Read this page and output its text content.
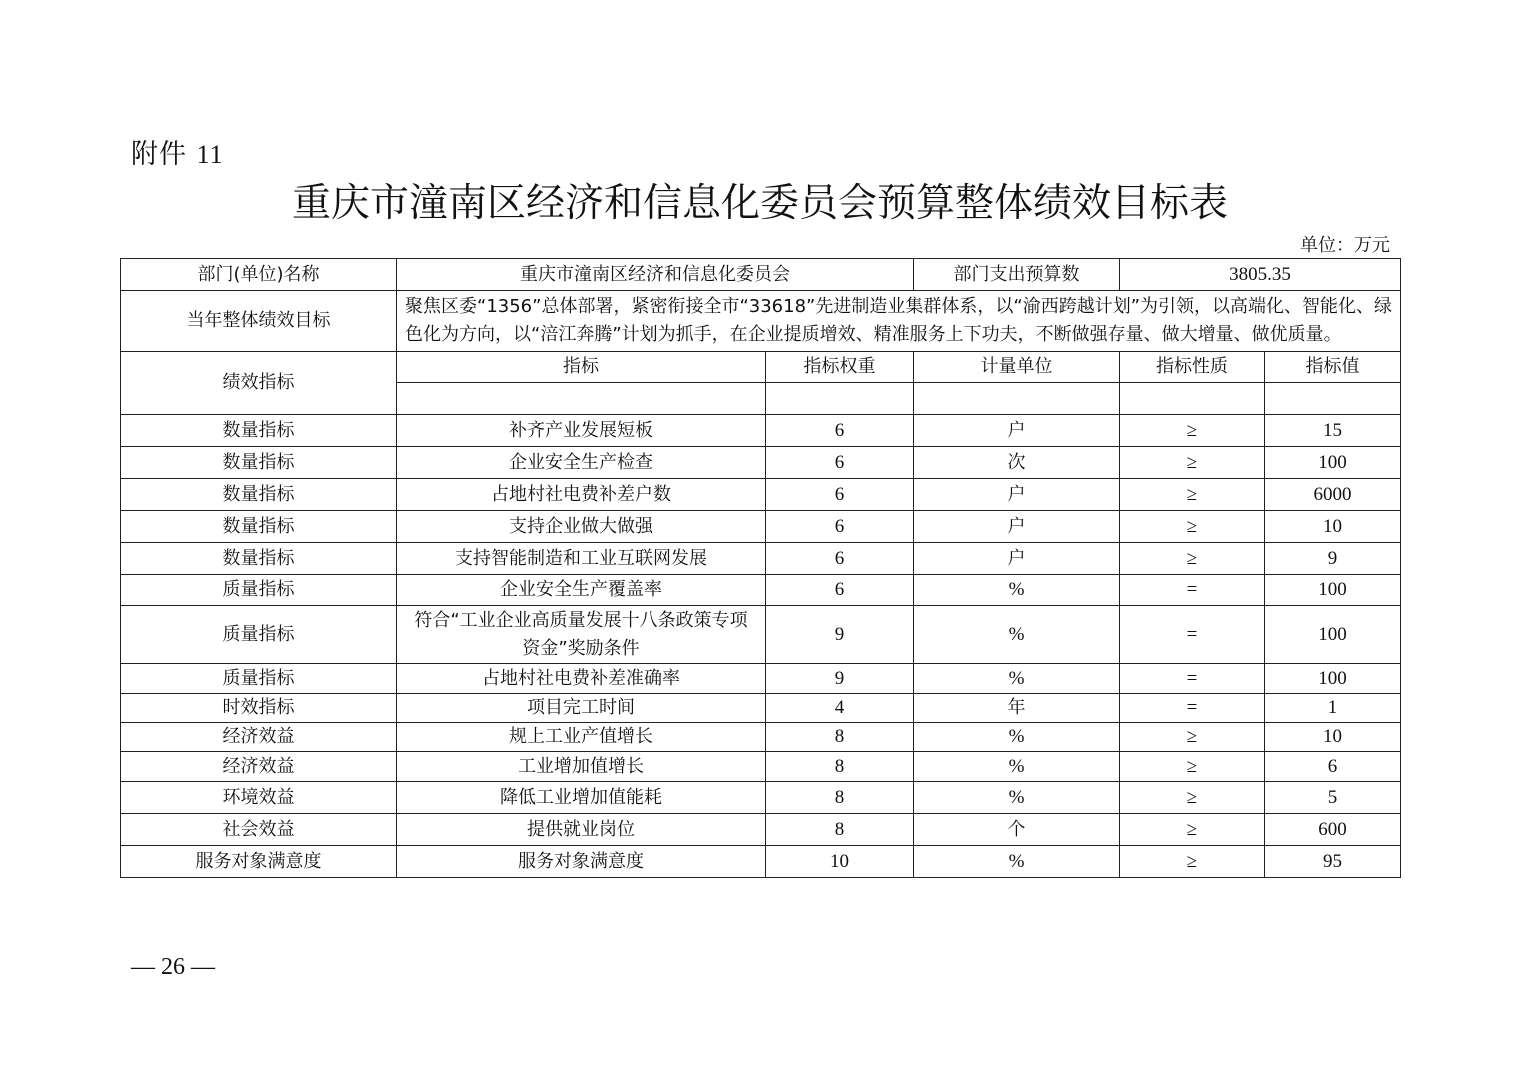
附件 11
重庆市潼南区经济和信息化委员会预算整体绩效目标表
单位：万元
部门(单位)名称	重庆市潼南区经济和信息化委员会		部门支出预算数	3805.35	
当年整体绩效目标	聚焦区委“1356”总体部署，紧密衔接全市“33618”先进制造业集群体系，以“渝西跨越计划”为引领，以高端化、智能化、绿色化为方向，以“涪江奔腾”计划为抓手，在企业提质增效、精准服务上下功夫，不断做强存量、做大增量、做优质量。				
绩效指标	指标	指标权重	计量单位	指标性质	指标值

数量指标	补齐产业发展短板	6	户	≥	15
数量指标	企业安全生产检查	6	次	≥	100
数量指标	占地村社电费补差户数	6	户	≥	6000
数量指标	支持企业做大做强	6	户	≥	10
数量指标	支持智能制造和工业互联网发展	6	户	≥	9
质量指标	企业安全生产覆盖率	6	%	=	100
质量指标	符合“工业企业高质量发展十八条政策专项资金”奖励条件	9	%	=	100
质量指标	占地村社电费补差准确率	9	%	=	100
时效指标	项目完工时间	4	年	=	1
经济效益	规上工业产值增长	8	%	≥	10
经济效益	工业增加值增长	8	%	≥	6
环境效益	降低工业增加值能耗	8	%	≥	5
社会效益	提供就业岗位	8	个	≥	600
服务对象满意度	服务对象满意度	10	%	≥	95
— 26 —
